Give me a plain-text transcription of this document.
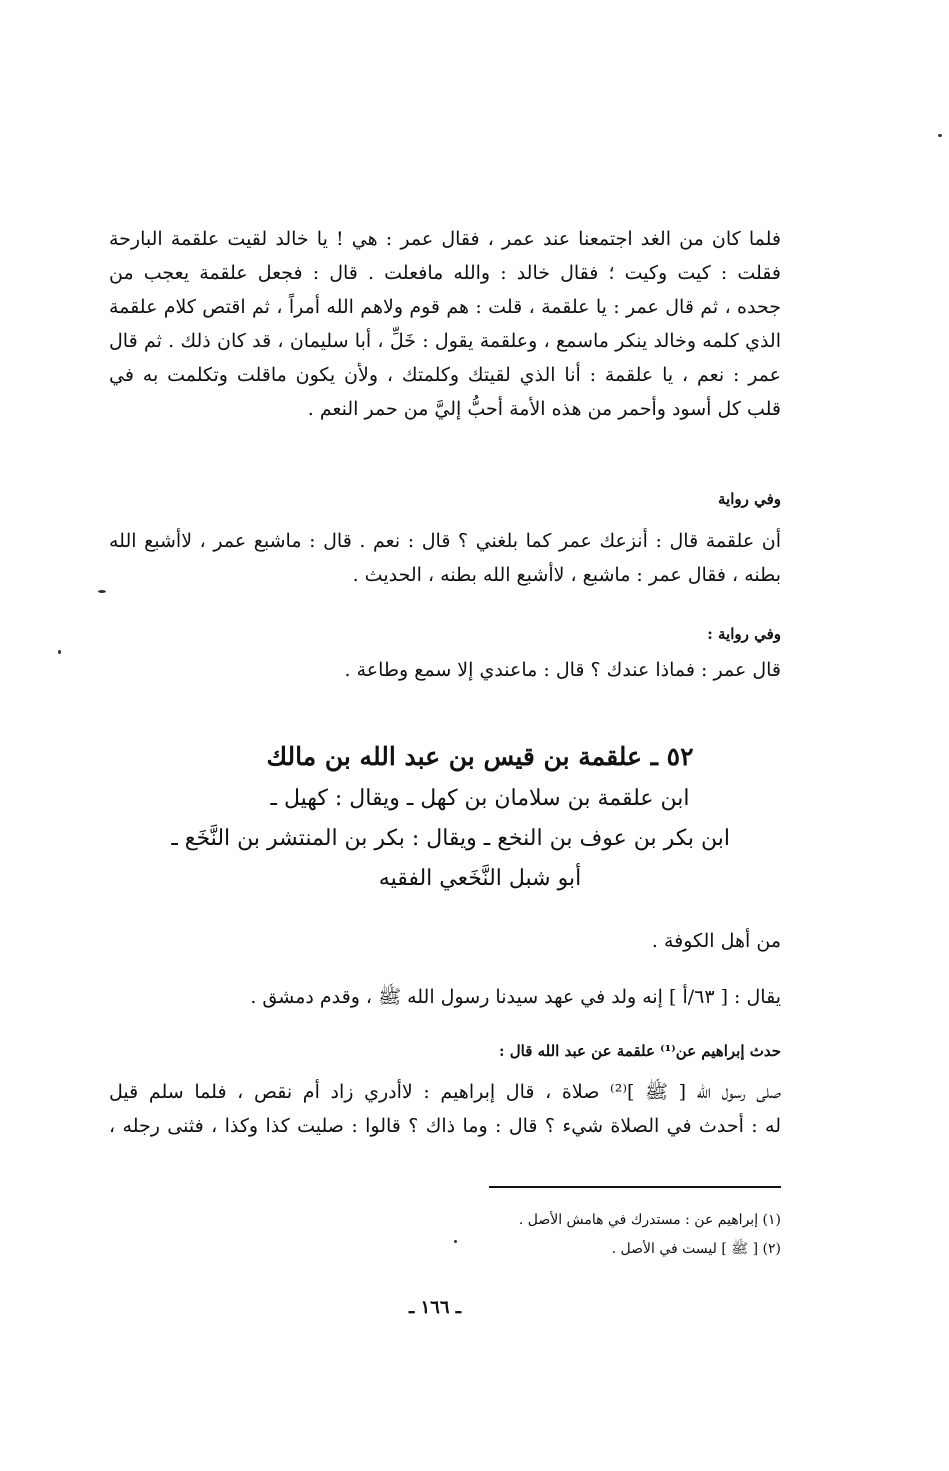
فلما كان من الغد اجتمعنا عند عمر ، فقال عمر : هي ! يا خالد لقيت علقمة البارحة
فقلت : كيت وكيت ؛ فقال خالد : والله مافعلت . قال : فجعل علقمة يعجب من
جحده ، ثم قال عمر : يا علقمة ، قلت : هم قوم ولاهم الله أمراً ، ثم اقتص كلام علقمة
الذي كلمه وخالد ينكر ماسمع ، وعلقمة يقول : خَلِّ ، أبا سليمان ، قد كان ذلك . ثم قال
عمر : نعم ، يا علقمة : أنا الذي لقيتك وكلمتك ، ولأن يكون ماقلت وتكلمت به في
قلب كل أسود وأحمر من هذه الأمة أحبُّ إليَّ من حمر النعم .
وفي رواية
أن علقمة قال : أنزعك عمر كما بلغني ؟ قال : نعم . قال : ماشبع عمر ، لاأشبع الله
بطنه ، فقال عمر : ماشبع ، لاأشبع الله بطنه ، الحديث .
وفي رواية :
قال عمر : فماذا عندك ؟ قال : ماعندي إلا سمع وطاعة .
٥٢ ـ علقمة بن قيس بن عبد الله بن مالك
ابن علقمة بن سلامان بن كهل ـ ويقال : كهيل ـ
ابن بكر بن عوف بن النخع ـ ويقال : بكر بن المنتشر بن النَّخَع ـ
أبو شبل النَّخَعي الفقيه
من أهل الكوفة .
يقال : [ ٦٣/أ ] إنه ولد في عهد سيدنا رسول الله ﷺ ، وقدم دمشق .
حدث إبراهيم عن⁽¹⁾ علقمة عن عبد الله قال :
صلى رسول الله [ ﷺ ]⁽²⁾ صلاة ، قال إبراهيم : لاأدري زاد أم نقص ، فلما سلم قيل
له : أحدث في الصلاة شيء ؟ قال : وما ذاك ؟ قالوا : صليت كذا وكذا ، فثنى رجله ،
(١) إبراهيم عن : مستدرك في هامش الأصل .
(٢) [ ﷺ ] ليست في الأصل .
ـ ١٦٦ ـ
